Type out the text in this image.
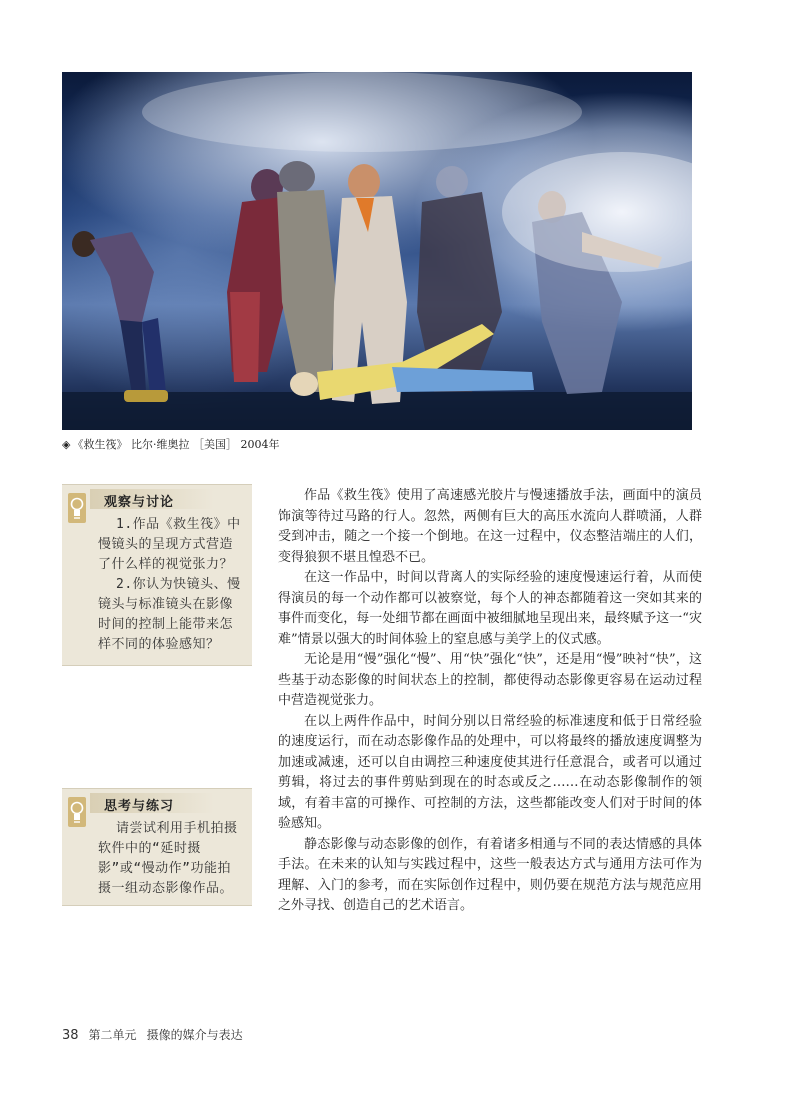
◈ 《救生筏》 比尔·维奥拉 ［美国］ 2004年
观察与讨论

1.作品《救生筏》中慢镜头的呈现方式营造了什么样的视觉张力？

2.你认为快镜头、慢镜头与标准镜头在影像时间的控制上能带来怎样不同的体验感知？

思考与练习

请尝试利用手机拍摄软件中的“延时摄影”或“慢动作”功能拍摄一组动态影像作品。

作品《救生筏》使用了高速感光胶片与慢速播放手法，画面中的演员饰演等待过马路的行人。忽然，两侧有巨大的高压水流向人群喷涌，人群受到冲击，随之一个接一个倒地。在这一过程中，仪态整洁端庄的人们，变得狼狈不堪且惶恐不已。

在这一作品中，时间以背离人的实际经验的速度慢速运行着，从而使得演员的每一个动作都可以被察觉，每个人的神态都随着这一突如其来的事件而变化，每一处细节都在画面中被细腻地呈现出来，最终赋予这一“灾难”情景以强大的时间体验上的窒息感与美学上的仪式感。

无论是用“慢”强化“慢”、用“快”强化“快”，还是用“慢”映衬“快”，这些基于动态影像的时间状态上的控制，都使得动态影像更容易在运动过程中营造视觉张力。

在以上两件作品中，时间分别以日常经验的标准速度和低于日常经验的速度运行，而在动态影像作品的处理中，可以将最终的播放速度调整为加速或减速，还可以自由调控三种速度使其进行任意混合，或者可以通过剪辑，将过去的事件剪贴到现在的时态或反之……在动态影像制作的领域，有着丰富的可操作、可控制的方法，这些都能改变人们对于时间的体验感知。

静态影像与动态影像的创作，有着诸多相通与不同的表达情感的具体手法。在未来的认知与实践过程中，这些一般表达方式与通用方法可作为理解、入门的参考，而在实际创作过程中，则仍要在规范方法与规范应用之外寻找、创造自己的艺术语言。

38 第二单元 摄像的媒介与表达
